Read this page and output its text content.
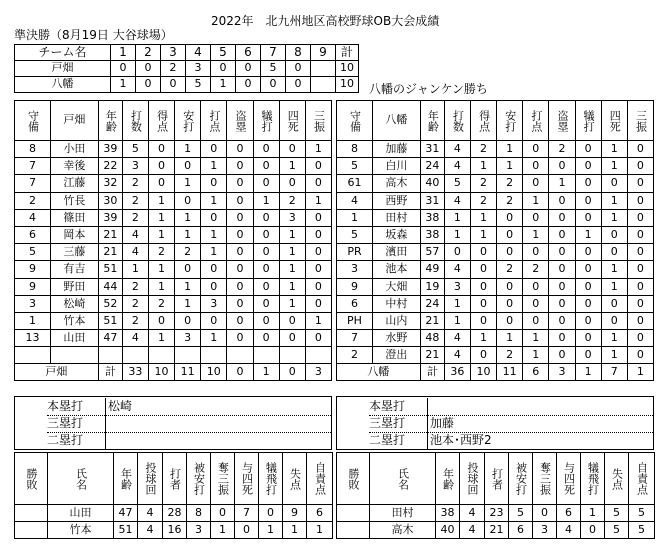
2022年　北九州地区高校野球OB大会成績
準決勝（8月19日 大谷球場）
チーム名	1	2	3	4	5	6	7	8	9	計
戸畑	0	0	2	3	0	0	5	0		10
八幡	1	0	0	5	1	0	0	0		10 八幡のジャンケン勝ち
守備	戸畑	年齢	打数	得点	安打	打点	盗塁	犠打	四死	三振
8	小田	39	5	0	1	0	0	0	0	1
7	幸後	22	3	0	0	1	0	0	1	0
7	江藤	32	2	0	1	0	0	0	0	0
2	竹長	30	2	1	0	1	0	1	2	1
4	篠田	39	2	1	1	0	0	0	3	0
6	岡本	21	4	1	1	1	0	0	1	0
5	三藤	21	4	2	2	1	0	0	1	0
9	有吉	51	1	1	0	0	0	0	1	0
9	野田	44	2	1	1	0	0	0	1	0
3	松崎	52	2	2	1	3	0	0	1	0
1	竹本	51	2	0	0	0	0	0	0	1
13	山田	47	4	1	3	1	0	0	0	0

戸畑		計	33	10	11	10	0	1	0	3
守備	八幡	年齢	打数	得点	安打	打点	盗塁	犠打	四死	三振
8	加藤	31	4	2	1	0	2	0	1	0
5	白川	24	4	1	1	0	0	0	1	0
61	高木	40	5	2	2	0	1	0	0	0
4	西野	31	4	2	2	1	0	0	1	0
1	田村	38	1	1	0	0	0	0	1	0
5	坂森	38	1	1	0	1	0	1	0	0
PR	濱田	57	0	0	0	0	0	0	0	0
3	池本	49	4	0	2	2	0	0	1	0
9	大畑	19	3	0	0	0	0	0	1	0
6	中村	24	1	0	0	0	0	0	0	0
PH	山内	21	1	0	0	0	0	0	0	0
7	水野	48	4	1	1	1	0	0	1	0
2	澄出	21	4	0	2	1	0	0	1	0
八幡		計	36	10	11	6	3	1	7	1
本塁打 松崎
三塁打
二塁打
本塁打
三塁打 加藤
二塁打 池本･西野2
勝敗	氏名	年齢	投球回	打者	被安打	奪三振	与四死	犠飛打	失点	自責点
	山田	47	4	28	8	0	7	0	9	6
	竹本	51	4	16	3	1	0	1	1	1
勝敗	氏名	年齢	投球回	打者	被安打	奪三振	与四死	犠飛打	失点	自責点
	田村	38	4	23	5	0	6	1	5	5
	高木	40	4	21	6	3	4	0	5	5
